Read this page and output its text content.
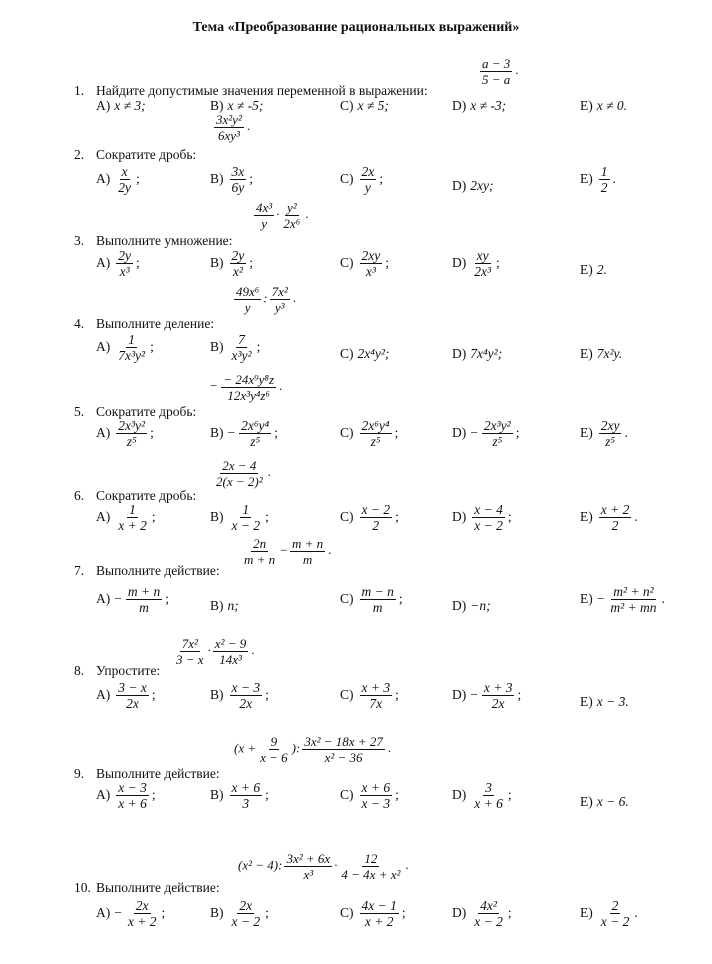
Тема «Преобразование рациональных выражений»
1. Найдите допустимые значения переменной в выражении:
$\frac{a - 3}{5 - a}$ .
А) x ≠ 3;	В) x ≠ -5;	С) x ≠ 5;	D) x ≠ -3;	Е) x ≠ 0.
2. Сократите дробь:
$\frac{\text{3x²y²}}{\text{6xy³}}$ .
$А) \frac{x}{2y}$ ;	$В) \frac{3x}{6y}$ ;	$С) \frac{2x}{y}$ ;	D) 2xy;	$Е) \frac{1}{2}$ .
3. Выполните умножение:
$\frac{\text{4x³}}{y} \cdot \frac{\text{y²}}{\text{2x⁶}}$ .
$А) \frac{2y}{\text{x³}}$ ;	$В) \frac{2y}{\text{x²}}$ ;	$С) \frac{2xy}{\text{x³}}$ ;	$D) \frac{xy}{\text{2x³}}$ ;	Е) 2.
4. Выполните деление:
$\frac{\text{49x⁶}}{y}$ : $\frac{\text{7x²}}{\text{y³}}$ .
$А) \frac{1}{\text{7x³y²}}$ ;	$В) \frac{7}{\text{x³y²}}$ ;	С) 2x⁴y²;	D) 7x⁴y²;	Е) 7x²y.
5. Сократите дробь:
− $\frac{\text{− 24x⁹y⁸z}}{\text{12x³y⁴z⁶}}$ .
$А) \frac{\text{2x³y²}}{\text{z⁵}}$ ;	$В) - \frac{\text{2x⁶y⁴}}{\text{z⁵}}$ ;	$С) \frac{\text{2x⁶y⁴}}{\text{z⁵}}$ ;	$D) - \frac{\text{2x³y²}}{\text{z⁵}}$ ;	$Е) \frac{2xy}{\text{z⁵}}$ .
6. Сократите дробь:
$\frac{2x - 4}{\text{2(x − 2)²}}$ .
$А) \frac{1}{x + 2}$ ;	$В) \frac{1}{x - 2}$ ;	$С) \frac{x - 2}{2}$ ;	$D) \frac{x - 4}{x - 2}$ ;	$Е) \frac{x + 2}{2}$ .
7. Выполните действие:
$\frac{2n}{m + n} - \frac{m + n}{m}$ .
$А) - \frac{m + n}{m}$ ;	В) n;	$С) \frac{m - n}{m}$ ;	D) −n;	$Е) - \frac{\text{m² + n²}}{\text{m² + mn}}$ .
8. Упростите:
$\frac{\text{7x²}}{3 - x} \cdot \frac{\text{x² − 9}}{\text{14x³}}$ .
$А) \frac{3 - x}{2x}$ ;	$В) \frac{x - 3}{2x}$ ;	$С) \frac{x + 3}{7x}$ ;	$D) - \frac{x + 3}{2x}$ ;	Е) x − 3.
9. Выполните действие:
($x + \frac{9}{x - 6}$ ): $\frac{\text{3x² − 18x + 27}}{\text{x² − 36}}$ .
$А) \frac{x - 3}{x + 6}$ ;	$В) \frac{x + 6}{3}$ ;	$С) \frac{x + 6}{x - 3}$ ;	$D) \frac{3}{x + 6}$ ;	Е) x − 6.
10. Выполните действие:
(x² − 4): $\frac{\text{3x² + 6x}}{\text{x³}} \cdot \frac{12}{\text{4 − 4x + x²}}$ .
$А) - \frac{2x}{x + 2}$ ;	$В) \frac{2x}{x - 2}$ ;	$С) \frac{4x - 1}{x + 2}$ ;	$D) \frac{\text{4x²}}{x - 2}$ ;	$Е) \frac{2}{x - 2}$ .
